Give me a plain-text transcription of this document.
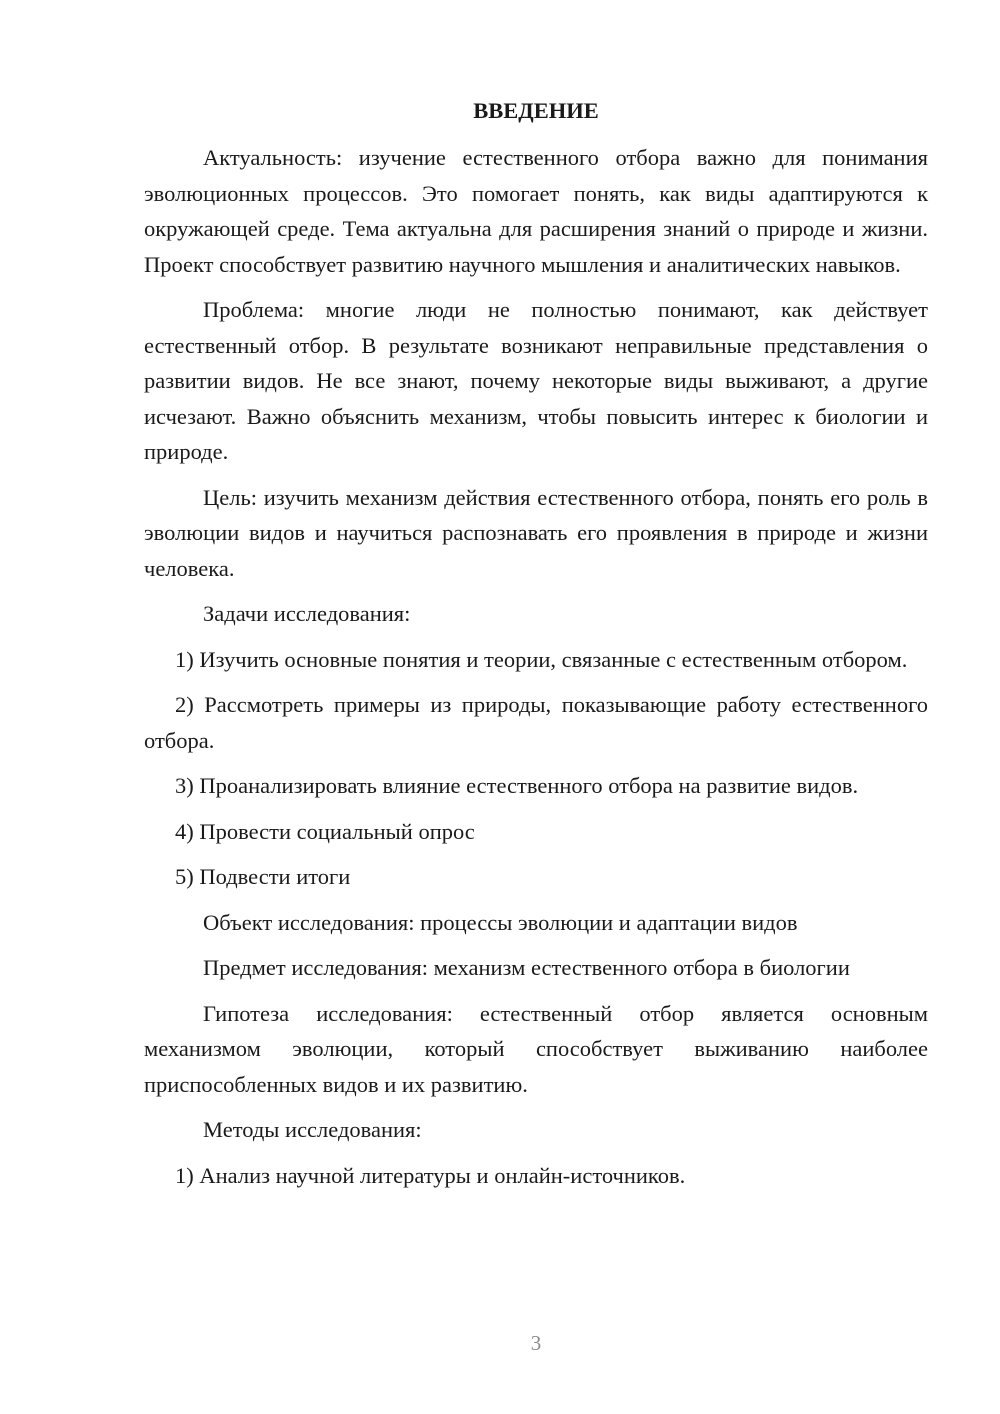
ВВЕДЕНИЕ

Актуальность: изучение естественного отбора важно для понимания эволюционных процессов. Это помогает понять, как виды адаптируются к окружающей среде. Тема актуальна для расширения знаний о природе и жизни. Проект способствует развитию научного мышления и аналитических навыков.

Проблема: многие люди не полностью понимают, как действует естественный отбор. В результате возникают неправильные представления о развитии видов. Не все знают, почему некоторые виды выживают, а другие исчезают. Важно объяснить механизм, чтобы повысить интерес к биологии и природе.

Цель: изучить механизм действия естественного отбора, понять его роль в эволюции видов и научиться распознавать его проявления в природе и жизни человека.

Задачи исследования:

1) Изучить основные понятия и теории, связанные с естественным отбором.

2) Рассмотреть примеры из природы, показывающие работу естественного отбора.

3) Проанализировать влияние естественного отбора на развитие видов.

4) Провести социальный опрос

5) Подвести итоги

Объект исследования: процессы эволюции и адаптации видов

Предмет исследования: механизм естественного отбора в биологии

Гипотеза исследования: естественный отбор является основным механизмом эволюции, который способствует выживанию наиболее приспособленных видов и их развитию.

Методы исследования:

1) Анализ научной литературы и онлайн-источников.

3
